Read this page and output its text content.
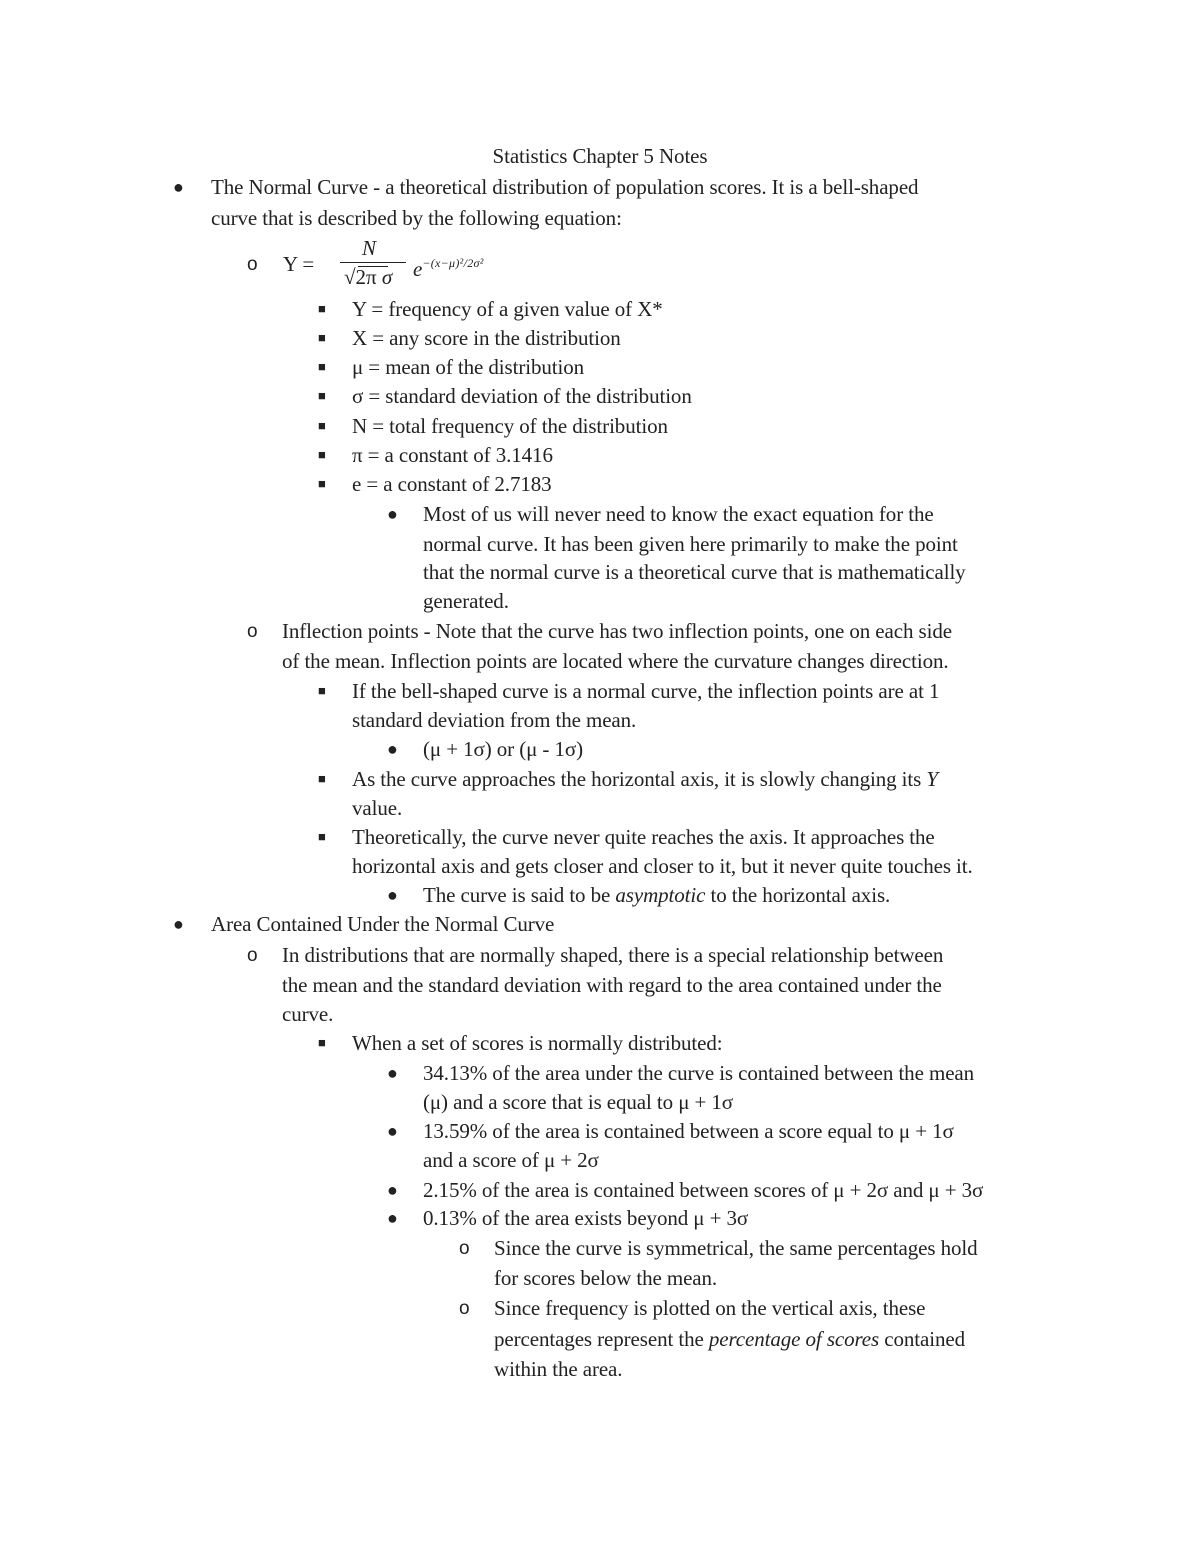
Statistics Chapter 5 Notes
● The Normal Curve - a theoretical distribution of population scores. It is a bell-shaped
curve that is described by the following equation:
o Y =
N
√2π σ $e^{-(x-\mu)^2/2\sigma^2}$
■ Y = frequency of a given value of X*
■ X = any score in the distribution
■ μ = mean of the distribution
■ σ = standard deviation of the distribution
■ N = total frequency of the distribution
■ π = a constant of 3.1416
■ e = a constant of 2.7183
● Most of us will never need to know the exact equation for the
normal curve. It has been given here primarily to make the point
that the normal curve is a theoretical curve that is mathematically
generated.
o Inflection points - Note that the curve has two inflection points, one on each side
of the mean. Inflection points are located where the curvature changes direction.
■ If the bell-shaped curve is a normal curve, the inflection points are at 1
standard deviation from the mean.
● (μ + 1σ) or (μ - 1σ)
■ As the curve approaches the horizontal axis, it is slowly changing its Y
value.
■ Theoretically, the curve never quite reaches the axis. It approaches the
horizontal axis and gets closer and closer to it, but it never quite touches it.
● The curve is said to be asymptotic to the horizontal axis.
● Area Contained Under the Normal Curve
o In distributions that are normally shaped, there is a special relationship between
the mean and the standard deviation with regard to the area contained under the
curve.
■ When a set of scores is normally distributed:
● 34.13% of the area under the curve is contained between the mean
(μ) and a score that is equal to μ + 1σ
● 13.59% of the area is contained between a score equal to μ + 1σ
and a score of μ + 2σ
● 2.15% of the area is contained between scores of μ + 2σ and μ + 3σ
● 0.13% of the area exists beyond μ + 3σ
o Since the curve is symmetrical, the same percentages hold
for scores below the mean.
o Since frequency is plotted on the vertical axis, these
percentages represent the percentage of scores contained
within the area.
